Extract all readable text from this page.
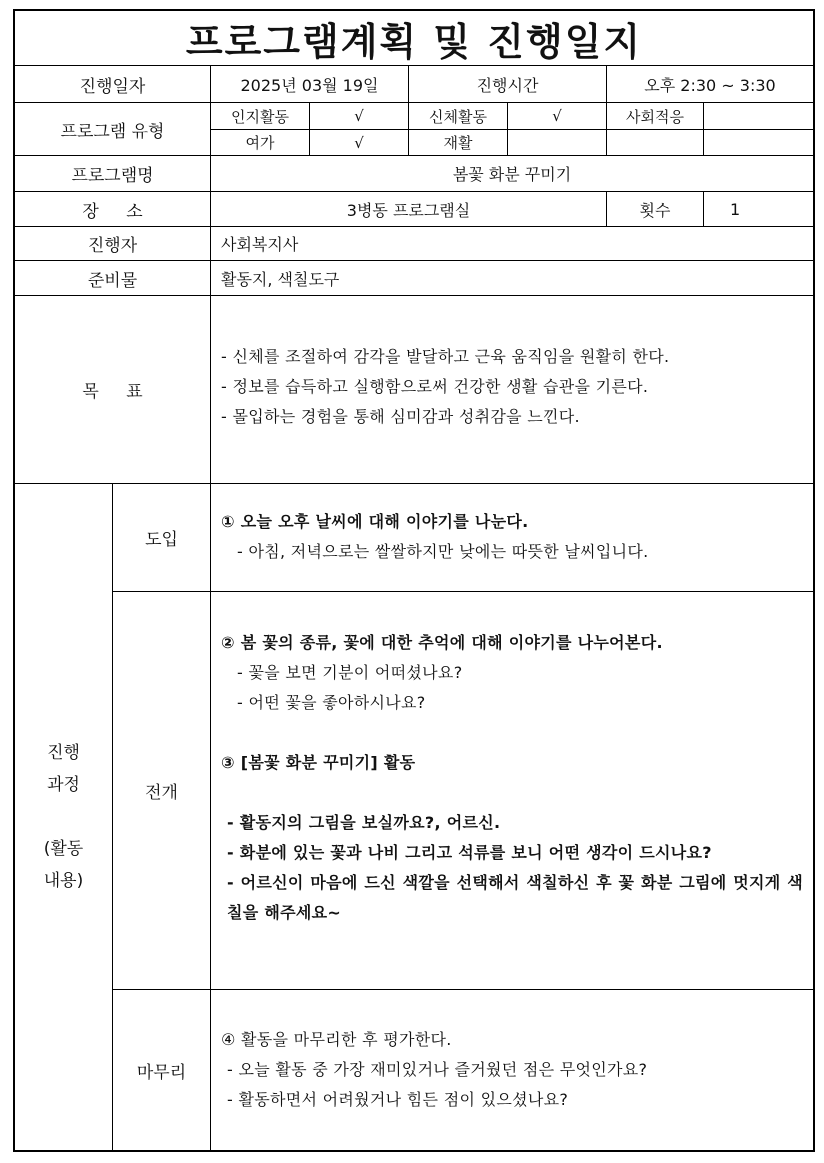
프로그램계획 및 진행일지
진행일자	2025년 03월 19일	진행시간	오후 2:30 ~ 3:30
프로그램 유형
인지활동	√	신체활동	√	사회적응
여가	√	재활
프로그램명	봄꽃 화분 꾸미기
장 소	3병동 프로그램실	횟수	1
진행자	사회복지사
준비물	활동지, 색칠도구
목 표

- 신체를 조절하여 감각을 발달하고 근육 움직임을 원활히 한다.

- 정보를 습득하고 실행함으로써 건강한 생활 습관을 기른다.

- 몰입하는 경험을 통해 심미감과 성취감을 느낀다.

진행
과정
(활동
내용)
도입

① 오늘 오후 날씨에 대해 이야기를 나눈다.

- 아침, 저녁으로는 쌀쌀하지만 낮에는 따뜻한 날씨입니다.

전개

② 봄 꽃의 종류, 꽃에 대한 추억에 대해 이야기를 나누어본다.

- 꽃을 보면 기분이 어떠셨나요?

- 어떤 꽃을 좋아하시나요?

③ [봄꽃 화분 꾸미기] 활동

- 활동지의 그림을 보실까요?, 어르신.

- 화분에 있는 꽃과 나비 그리고 석류를 보니 어떤 생각이 드시나요?

- 어르신이 마음에 드신 색깔을 선택해서 색칠하신 후 꽃 화분 그림에 멋지게 색칠을 해주세요~

마무리

④ 활동을 마무리한 후 평가한다.

- 오늘 활동 중 가장 재미있거나 즐거웠던 점은 무엇인가요?

- 활동하면서 어려웠거나 힘든 점이 있으셨나요?
